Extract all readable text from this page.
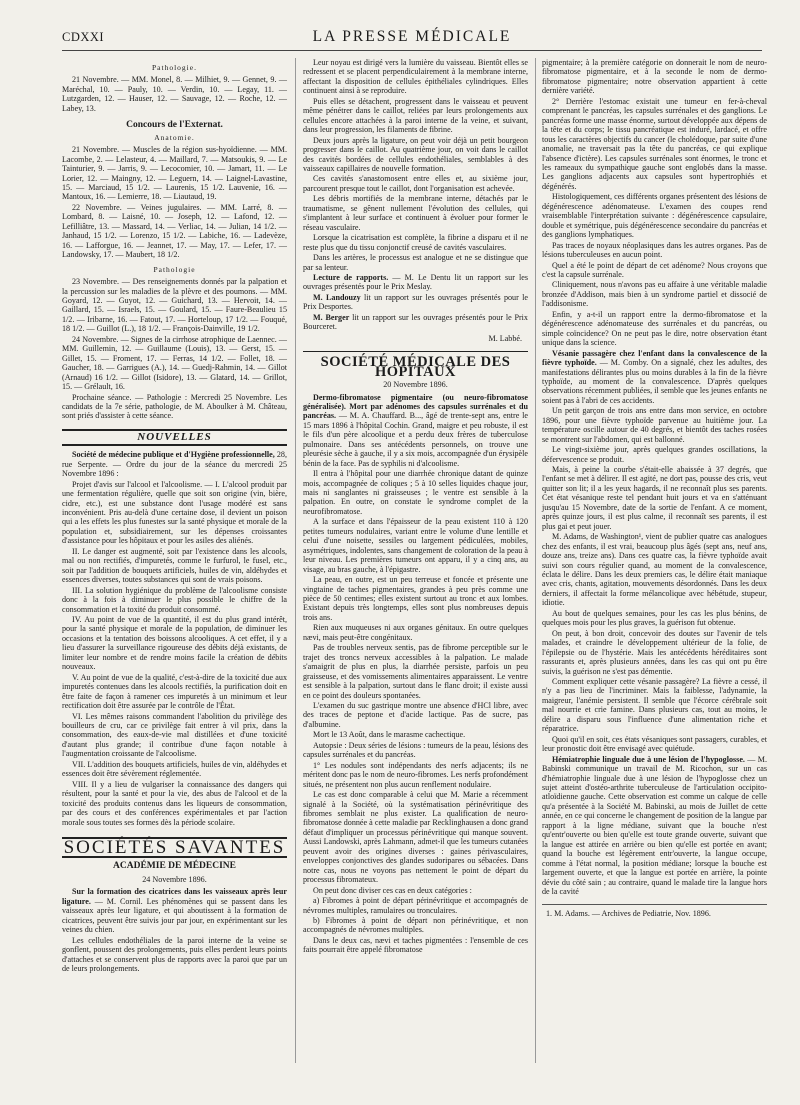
CDXXI	LA PRESSE MÉDICALE
Pathologie.

21 Novembre. — MM. Monel, 8. — Milhiet, 9. — Gennet, 9. — Maréchal, 10. — Pauly, 10. — Verdin, 10. — Legay, 11. — Lutzgarden, 12. — Hauser, 12. — Sauvage, 12. — Roche, 12. — Labey, 13.

Concours de l'Externat.
Anatomie.

21 Novembre. — Muscles de la région sus-hyoïdienne. — MM. Lacombe, 2. — Lelasteur, 4. — Maillard, 7. — Matsoukis, 9. — Le Tainturier, 9. — Jarris, 9. — Lecocomier, 10. — Jamart, 11. — Le Lorier, 12. — Maingny, 12. — Leguern, 14. — Laignel-Lavastine, 15. — Marciaud, 15 1/2. — Laurenis, 15 1/2. Lauvenie, 16. — Mantoux, 16. — Lemierre, 18. — Liautaud, 19.

22 Novembre. — Veines jugulaires. — MM. Larré, 8. — Lombard, 8. — Laisné, 10. — Joseph, 12. — Lafond, 12. — Lefilliâtre, 13. — Massard, 14. — Verliac, 14. — Julian, 14 1/2. — Janhaud, 15 1/2. — Lorenzo, 15 1/2. — Labiche, 16. — Ladevèze, 16. — Lafforgue, 16. — Jeannet, 17. — May, 17. — Lefer, 17. — Landowsky, 17. — Maubert, 18 1/2.

Pathologie

23 Novembre. — Des renseignements donnés par la palpation et la percussion sur les maladies de la plèvre et des poumons. — MM. Goyard, 12. — Guyot, 12. — Guichard, 13. — Hervoit, 14. — Gaillard, 15. — Israels, 15. — Goulard, 15. — Faure-Beaulieu 15 1/2. — Iribarne, 16. — Fatout, 17. — Horteloup, 17 1/2. — Fouqué, 18 1/2. — Guillot (L.), 18 1/2. — François-Dainville, 19 1/2.

24 Novembre. — Signes de la cirrhose atrophique de Laennec. — MM. Guillemin, 12. — Guillaume (Louis), 13. — Gerst, 15. — Gillet, 15. — Froment, 17. — Ferras, 14 1/2. — Follet, 18. — Gaucher, 18. — Garrigues (A.), 14. — Guedj-Rahmin, 14. — Gillot (Arnaud) 16 1/2. — Gillot (Isidore), 13. — Glatard, 14. — Grillot, 15. — Grélault, 16.

Prochaine séance. — Pathologie : Mercredi 25 Novembre. Les candidats de la 7e série, pathologie, de M. Aboulker à M. Château, sont priés d'assister à cette séance.

NOUVELLES

Société de médecine publique et d'Hygiène professionnelle, 28, rue Serpente. — Ordre du jour de la séance du mercredi 25 Novembre 1896 :

Projet d'avis sur l'alcool et l'alcoolisme. — I. L'alcool produit par une fermentation régulière, quelle que soit son origine (vin, bière, cidre, etc.), est une substance dont l'usage modéré est sans inconvénient. Pris au-delà d'une certaine dose, il devient un poison qui a les effets les plus funestes sur la santé physique et morale de la population et, subsidiairement, sur les dépenses croissantes d'assistance pour les hôpitaux et pour les asiles des aliénés.

II. Le danger est augmenté, soit par l'existence dans les alcools, mal ou non rectifiés, d'impuretés, comme le furfurol, le fusel, etc., soit par l'addition de bouquets artificiels, huiles de vin, aldéhydes et essences diverses, toutes substances qui sont de vrais poisons.

III. La solution hygiénique du problème de l'alcoolisme consiste donc à la fois à diminuer le plus possible le chiffre de la consommation et la toxité du produit consommé.

IV. Au point de vue de la quantité, il est du plus grand intérêt, pour la santé physique et morale de la population, de diminuer les occasions et la tentation des boissons alcooliques. A cet effet, il y a lieu d'assurer la surveillance rigoureuse des débits déjà existants, de limiter leur nombre et de rendre moins facile la création de débits nouveaux.

V. Au point de vue de la qualité, c'est-à-dire de la toxicité due aux impuretés contenues dans les alcools rectifiés, la purification doit en être faite de façon à ramener ces impuretés à un minimum et leur rectification doit être assurée par le contrôle de l'État.

VI. Les mêmes raisons commandent l'abolition du privilège des bouilleurs de cru, car ce privilège fait entrer à vil prix, dans la consommation, des eaux-de-vie mal distillées et d'une toxicité d'autant plus grande; il contribue d'une façon notable à l'augmentation croissante de l'alcoolisme.

VII. L'addition des bouquets artificiels, huiles de vin, aldéhydes et essences doit être sévèrement réglementée.

VIII. Il y a lieu de vulgariser la connaissance des dangers qui résultent, pour la santé et pour la vie, des abus de l'alcool et de la toxicité des produits contenus dans les liqueurs de consommation, par des cours et des conférences expérimentales et par l'action morale sous toutes ses formes dès la période scolaire.

SOCIÉTÉS SAVANTES
ACADÉMIE DE MÉDECINE
24 Novembre 1896.

Sur la formation des cicatrices dans les vaisseaux après leur ligature. — M. Cornil. Les phénomènes qui se passent dans les vaisseaux après leur ligature, et qui aboutissent à la formation de cicatrices, peuvent être suivis jour par jour, en expérimentant sur les veines du chien.

Les cellules endothéliales de la paroi interne de la veine se gonflent, poussent des prolongements, puis elles perdent leurs points d'attaches et se conservent plus de rapports avec la paroi que par un de leurs prolongements.

Leur noyau est dirigé vers la lumière du vaisseau. Bientôt elles se redressent et se placent perpendiculairement à la membrane interne, affectant la disposition de cellules épithéliales cylindriques. Elles continuent ainsi à se reproduire.

Puis elles se détachent, progressent dans le vaisseau et peuvent même pénétrer dans le caillot, reliées par leurs prolongements aux cellules encore attachées à la paroi interne de la veine, et suivant, dans leur progression, les filaments de fibrine.

Deux jours après la ligature, on peut voir déjà un petit bourgeon progresser dans le caillot. Au quatrième jour, on voit dans le caillot des cavités bordées de cellules endothéliales, semblables à des vaisseaux capillaires de nouvelle formation.

Ces cavités s'anastomosent entre elles et, au sixième jour, parcourent presque tout le caillot, dont l'organisation est achevée.

Les débris mortifiés de la membrane interne, détachés par le traumatisme, se gênent nullement l'évolution des cellules, qui s'implantent à leur surface et continuent à évoluer pour former le réseau vasculaire.

Lorsque la cicatrisation est complète, la fibrine a disparu et il ne reste plus que du tissu conjonctif creusé de cavités vasculaires.

Dans les artères, le processus est analogue et ne se distingue que par sa lenteur.

Lecture de rapports. — M. Le Dentu lit un rapport sur les ouvrages présentés pour le Prix Meslay.

M. Landouzy lit un rapport sur les ouvrages présentés pour le Prix Desportes.

M. Berger lit un rapport sur les ouvrages présentés pour le Prix Bourceret.

M. Labbé.
SOCIÉTÉ MÉDICALE DES HOPITAUX
20 Novembre 1896.

Dermo-fibromatose pigmentaire (ou neuro-fibromatose généralisée). Mort par adénomes des capsules surrénales et du pancréas. — M. A. Chauffard. B..., âgé de trente-sept ans, entre le 15 mars 1896 à l'hôpital Cochin. Grand, maigre et peu robuste, il est le fils d'un père alcoolique et a perdu deux frères de tuberculose pulmonaire. Dans ses antécédents personnels, on trouve une pleurésie sèche à gauche, il y a six mois, accompagnée d'un érysipèle bénin de la face. Pas de syphilis ni d'alcoolisme.

Il entra à l'hôpital pour une diarrhée chronique datant de quinze mois, accompagnée de coliques ; 5 à 10 selles liquides chaque jour, mais ni sanglantes ni graisseuses ; le ventre est sensible à la palpation. En outre, on constate le syndrome complet de la neurofibromatose.

A la surface et dans l'épaisseur de la peau existent 110 à 120 petites tumeurs nodulaires, variant entre le volume d'une lentille et celui d'une noisette, sessiles ou largement pédiculées, mobiles, asymétriques, indolentes, sans changement de coloration de la peau à leur niveau. Les premières tumeurs ont apparu, il y a cinq ans, au visage, au bras gauche, à l'épigastre.

La peau, en outre, est un peu terreuse et foncée et présente une vingtaine de taches pigmentaires, grandes à peu près comme une pièce de 50 centimes; elles existent surtout au tronc et aux lombes. Existant depuis très longtemps, elles sont plus nombreuses depuis trois ans.

Rien aux muqueuses ni aux organes génitaux. En outre quelques nævi, mais peut-être congénitaux.

Pas de troubles nerveux sentis, pas de fibrome perceptible sur le trajet des troncs nerveux accessibles à la palpation. Le malade s'amaigrit de plus en plus, la diarrhée persiste, parfois un peu graisseuse, et des vomissements alimentaires apparaissent. Le ventre est sensible à la palpation, surtout dans le flanc droit; il existe aussi en ce point des douleurs spontanées.

L'examen du suc gastrique montre une absence d'HCl libre, avec des traces de peptone et d'acide lactique. Pas de sucre, pas d'albumine.

Mort le 13 Août, dans le marasme cachectique.

Autopsie : Deux séries de lésions : tumeurs de la peau, lésions des capsules surrénales et du pancréas.

1° Les nodules sont indépendants des nerfs adjacents; ils ne méritent donc pas le nom de neuro-fibromes. Les nerfs profondément situés, ne présentent non plus aucun renflement nodulaire.

Le cas est donc comparable à celui que M. Marie a récemment signalé à la Société, où la systématisation périnévritique des fibromes semblait ne plus exister. La qualification de neuro-fibromatose donnée à cette maladie par Recklinghausen a donc grand défaut d'impliquer un processus périnévritique qui manque souvent. Aussi Landowski, après Lahmann, admet-il que les tumeurs cutanées peuvent avoir des origines diverses : gaines périvasculaires, enveloppes conjonctives des glandes sudoripares ou sébacées. Dans notre cas, nous ne voyons pas nettement le point de départ du processus fibromateux.

On peut donc diviser ces cas en deux catégories :

a) Fibromes à point de départ périnévritique et accompagnés de névromes multiples, ramulaires ou tronculaires.

b) Fibromes à point de départ non périnévritique, et non accompagnés de névromes multiples.

Dans le deux cas, nævi et taches pigmentées : l'ensemble de ces faits pourrait être appelé fibromatose

pigmentaire; à la première catégorie on donnerait le nom de neuro-fibromatose pigmentaire, et à la seconde le nom de dermo-fibromatose pigmentaire; notre observation appartient à cette dernière variété.

2° Derrière l'estomac existait une tumeur en fer-à-cheval comprenant le pancréas, les capsules surrénales et des ganglions. Le pancréas forme une masse énorme, surtout développée aux dépens de la tête et du corps; le tissu pancréatique est induré, lardacé, et offre tous les caractères objectifs du cancer (le cholédoque, par suite d'une anomalie, ne traversait pas la tête du pancréas, ce qui explique l'absence d'ictère). Les capsules surrénales sont énormes, le tronc et les rameaux du sympathique gauche sont englobés dans la masse. Les ganglions adjacents aux capsules sont hypertrophiés et dégénérés.

Histologiquement, ces différents organes présentent des lésions de dégénérescence adénomateuse. L'examen des coupes rend vraisemblable l'interprétation suivante : dégénérescence capsulaire, double et symétrique, puis dégénérescence secondaire du pancréas et des ganglions lymphatiques.

Pas traces de noyaux néoplasiques dans les autres organes. Pas de lésions tuberculeuses en aucun point.

Quel a été le point de départ de cet adénome? Nous croyons que c'est la capsule surrénale.

Cliniquement, nous n'avons pas eu affaire à une véritable maladie bronzée d'Addison, mais bien à un syndrome partiel et dissocié de l'addisonisme.

Enfin, y a-t-il un rapport entre la dermo-fibromatose et la dégénérescence adénomateuse des surrénales et du pancréas, ou simple coïncidence? On ne peut pas le dire, notre observation étant unique dans la science.

Vésanie passagère chez l'enfant dans la convalescence de la fièvre typhoïde. — M. Comby. On a signalé, chez les adultes, des manifestations délirantes plus ou moins durables à la fin de la fièvre typhoïde, au moment de la convalescence. D'après quelques observations récemment publiées, il semble que les jeunes enfants ne soient pas à l'abri de ces accidents.

Un petit garçon de trois ans entre dans mon service, en octobre 1896, pour une fièvre typhoïde parvenue au huitième jour. La température oscille autour de 40 degrés, et bientôt des taches rosées se montrent sur l'abdomen, qui est ballonné.

Le vingt-sixième jour, après quelques grandes oscillations, la défervescence se produit.

Mais, à peine la courbe s'était-elle abaissée à 37 degrés, que l'enfant se met à délirer. Il est agité, ne dort pas, pousse des cris, veut quitter son lit; il a les yeux hagards, il ne reconnaît plus ses parents. Cet état vésanique reste tel pendant huit jours et va en s'atténuant jusqu'au 15 Novembre, date de la sortie de l'enfant. A ce moment, après quinze jours, il est plus calme, il reconnaît ses parents, il est plus gai et peut jouer.

M. Adams, de Washington¹, vient de publier quatre cas analogues chez des enfants, il est vrai, beaucoup plus âgés (sept ans, neuf ans, douze ans, treize ans). Dans ces quatre cas, la fièvre typhoïde avait suivi son cours régulier quand, au moment de la convalescence, éclata le délire. Dans les deux premiers cas, le délire était maniaque avec cris, chants, agitation, mouvements désordonnés. Dans les deux derniers, il affectait la forme mélancolique avec hébétude, stupeur, idiotie.

Au bout de quelques semaines, pour les cas les plus bénins, de quelques mois pour les plus graves, la guérison fut obtenue.

On peut, à bon droit, concevoir des doutes sur l'avenir de tels malades, et craindre le développement ultérieur de la folie, de l'épilepsie ou de l'hystérie. Mais les antécédents héréditaires sont rassurants et, après plusieurs années, dans les cas qui ont pu être suivis, la guérison ne s'est pas démentie.

Comment expliquer cette vésanie passagère? La fièvre a cessé, il n'y a pas lieu de l'incriminer. Mais la faiblesse, l'adynamie, la maigreur, l'anémie persistent. Il semble que l'écorce cérébrale soit mal nourrie et crie famine. Dans plusieurs cas, tout au moins, le délire a disparu sous l'influence d'une alimentation riche et réparatrice.

Quoi qu'il en soit, ces états vésaniques sont passagers, curables, et leur pronostic doit être envisagé avec quiétude.

Hémiatrophie linguale due à une lésion de l'hypoglosse. — M. Babinski communique un travail de M. Ricochon, sur un cas d'hémiatrophie linguale due à une lésion de l'hypoglosse chez un sujet atteint d'ostéo-arthrite tuberculeuse de l'articulation occipito-atloïdienne gauche. Cette observation est comme un calque de celle qu'a présentée à la Société M. Babinski, au mois de Juillet de cette année, en ce qui concerne le changement de position de la langue par rapport à la ligne médiane, suivant que la bouche n'est qu'entr'ouverte ou bien qu'elle est toute grande ouverte, suivant que la langue est attirée en arrière ou bien qu'elle est portée en avant; quand la bouche est légèrement entr'ouverte, la langue occupe, comme à l'état normal, la position médiane; lorsque la bouche est largement ouverte, et que la langue est portée en arrière, la pointe dévie du côté sain ; au contraire, quand le malade tire la langue hors de la cavité

1. M. Adams. — Archives de Pediatrie, Nov. 1896.
